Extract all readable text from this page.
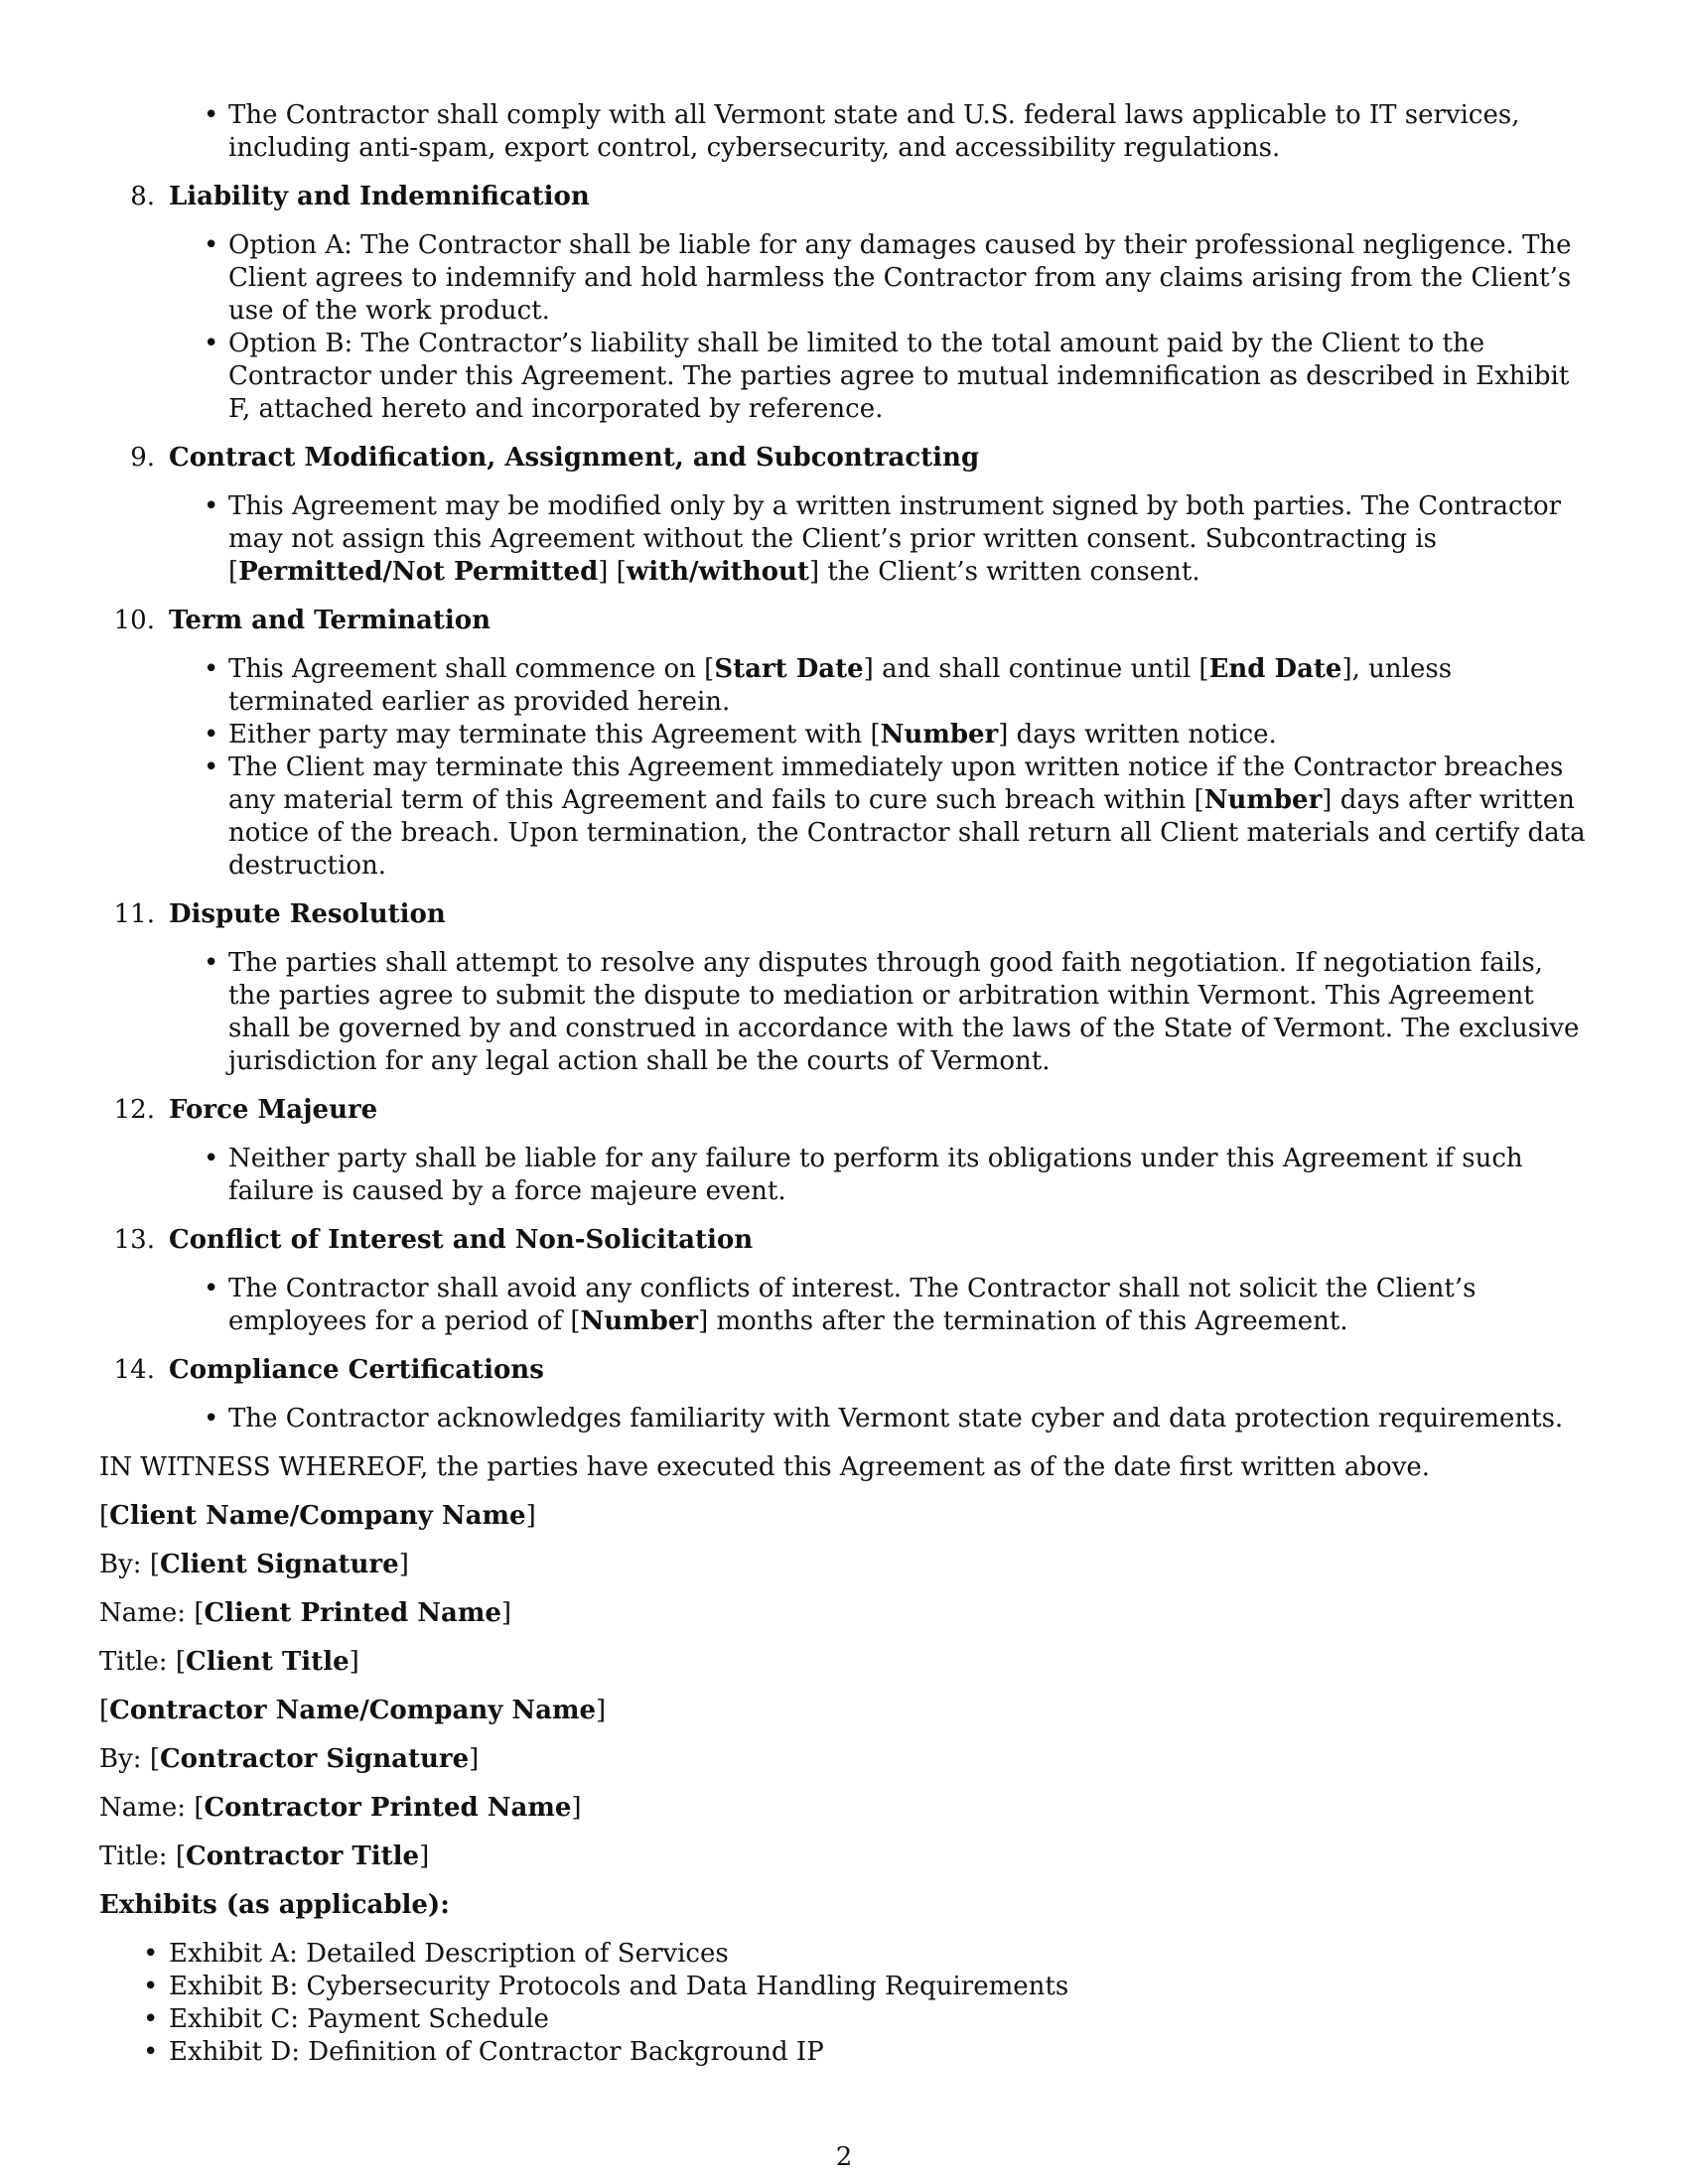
• The Contractor shall comply with all Vermont state and U.S. federal laws applicable to IT services, including anti-spam, export control, cybersecurity, and accessibility regulations.
8. Liability and Indemnification
• Option A: The Contractor shall be liable for any damages caused by their professional negligence. The Client agrees to indemnify and hold harmless the Contractor from any claims arising from the Client’s use of the work product.
• Option B: The Contractor’s liability shall be limited to the total amount paid by the Client to the Contractor under this Agreement. The parties agree to mutual indemnification as described in Exhibit F, attached hereto and incorporated by reference.
9. Contract Modification, Assignment, and Subcontracting
• This Agreement may be modified only by a written instrument signed by both parties. The Contractor may not assign this Agreement without the Client’s prior written consent. Subcontracting is [Permitted/Not Permitted] [with/without] the Client’s written consent.
10. Term and Termination
• This Agreement shall commence on [Start Date] and shall continue until [End Date], unless terminated earlier as provided herein.
• Either party may terminate this Agreement with [Number] days written notice.
• The Client may terminate this Agreement immediately upon written notice if the Contractor breaches any material term of this Agreement and fails to cure such breach within [Number] days after written notice of the breach. Upon termination, the Contractor shall return all Client materials and certify data destruction.
11. Dispute Resolution
• The parties shall attempt to resolve any disputes through good faith negotiation. If negotiation fails, the parties agree to submit the dispute to mediation or arbitration within Vermont. This Agreement shall be governed by and construed in accordance with the laws of the State of Vermont. The exclusive jurisdiction for any legal action shall be the courts of Vermont.
12. Force Majeure
• Neither party shall be liable for any failure to perform its obligations under this Agreement if such failure is caused by a force majeure event.
13. Conflict of Interest and Non-Solicitation
• The Contractor shall avoid any conflicts of interest. The Contractor shall not solicit the Client’s employees for a period of [Number] months after the termination of this Agreement.
14. Compliance Certifications
• The Contractor acknowledges familiarity with Vermont state cyber and data protection requirements.
IN WITNESS WHEREOF, the parties have executed this Agreement as of the date first written above.
[Client Name/Company Name]
By: [Client Signature]
Name: [Client Printed Name]
Title: [Client Title]
[Contractor Name/Company Name]
By: [Contractor Signature]
Name: [Contractor Printed Name]
Title: [Contractor Title]
Exhibits (as applicable):
• Exhibit A: Detailed Description of Services
• Exhibit B: Cybersecurity Protocols and Data Handling Requirements
• Exhibit C: Payment Schedule
• Exhibit D: Definition of Contractor Background IP
2
